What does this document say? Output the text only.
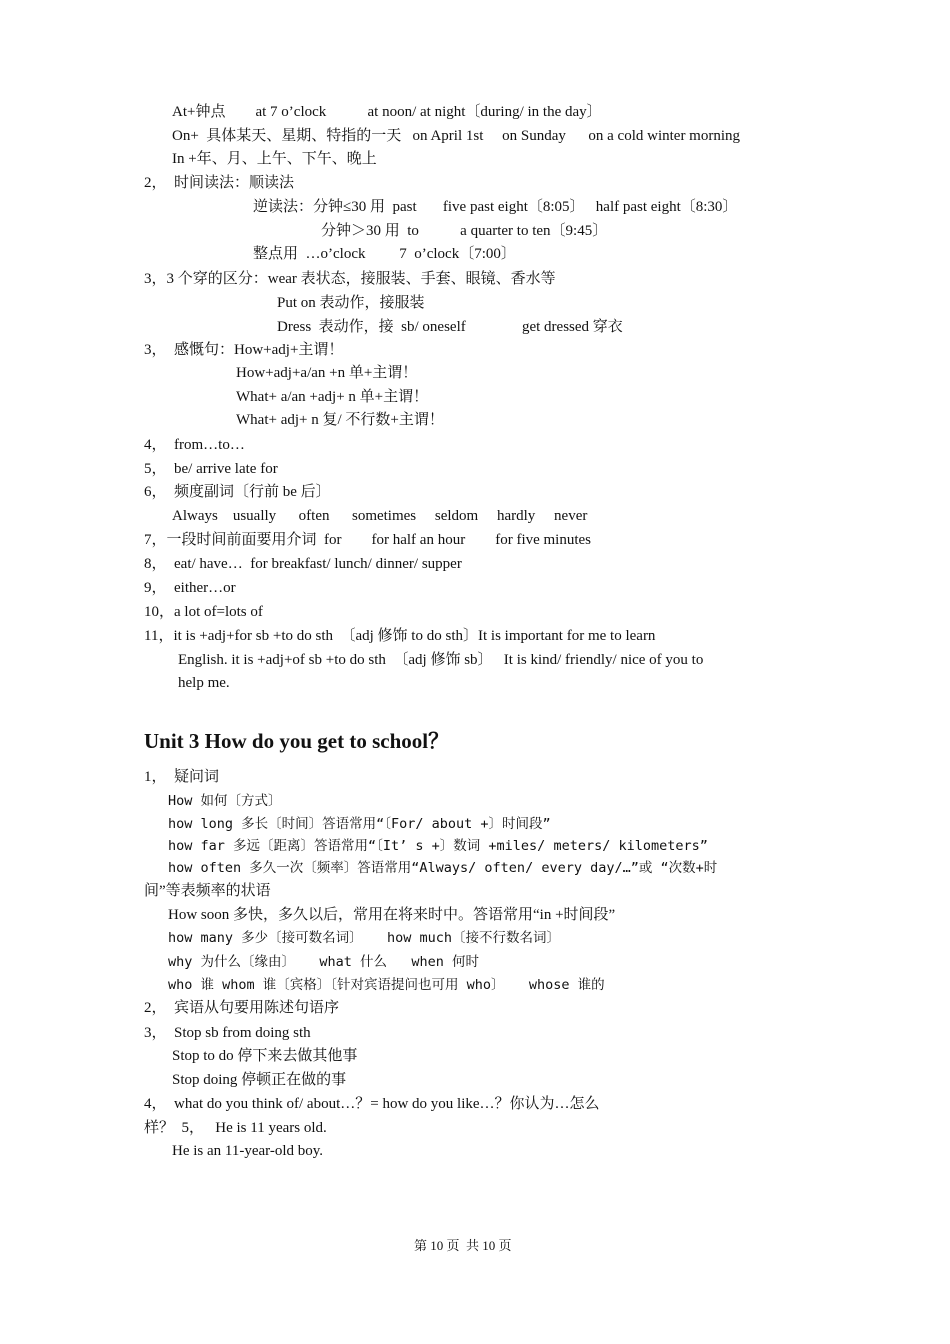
At+钟点        at 7 o’clock           at noon/ at night〔during/ in the day〕
On+  具体某天、星期、特指的一天   on April 1st     on Sunday      on a cold winter morning
In +年、月、上午、下午、晚上
2，  时间读法：顺读法
逆读法：分钟≤30 用  past       five past eight〔8:05〕   half past eight〔8:30〕
分钟＞30 用  to           a quarter to ten〔9:45〕
整点用  …o’clock         7  o’clock〔7:00〕
3，3 个穿的区分：wear 表状态，接服装、手套、眼镜、香水等
Put on 表动作，接服装
Dress  表动作，接  sb/ oneself               get dressed 穿衣
3，  感慨句：How+adj+主谓！
How+adj+a/an +n 单+主谓！
What+ a/an +adj+ n 单+主谓！
What+ adj+ n 复/ 不行数+主谓！
4，  from…to…
5，  be/ arrive late for
6，  频度副词〔行前 be 后〕
Always    usually      often      sometimes     seldom     hardly     never
7，一段时间前面要用介词  for        for half an hour        for five minutes
8，  eat/ have…  for breakfast/ lunch/ dinner/ supper
9，  either…or
10，a lot of=lots of
11，it is +adj+for sb +to do sth  〔adj 修饰 to do sth〕It is important for me to learn
English. it is +adj+of sb +to do sth  〔adj 修饰 sb〕   It is kind/ friendly/ nice of you to
help me.
Unit 3 How do you get to school？
1，  疑问词
How 如何〔方式〕
how long 多长〔时间〕答语常用“〔For/ about +〕时间段”
how far 多远〔距离〕答语常用“〔It’ s +〕数词 +miles/ meters/ kilometers”
how often 多久一次〔频率〕答语常用“Always/ often/ every day/…”或 “次数+时
间”等表频率的状语
How soon 多快，多久以后，常用在将来时中。答语常用“in +时间段”
how many 多少〔接可数名词〕   how much〔接不行数名词〕
why 为什么〔缘由〕   what 什么   when 何时
who 谁 whom 谁〔宾格〕〔针对宾语提问也可用 who〕   whose 谁的
2，  宾语从句要用陈述句语序
3，  Stop sb from doing sth
Stop to do 停下来去做其他事
Stop doing 停顿正在做的事
4，  what do you think of/ about…？= how do you like…？你认为…怎么
样？  5，   He is 11 years old.
He is an 11-year-old boy.
第 10 页  共 10 页
